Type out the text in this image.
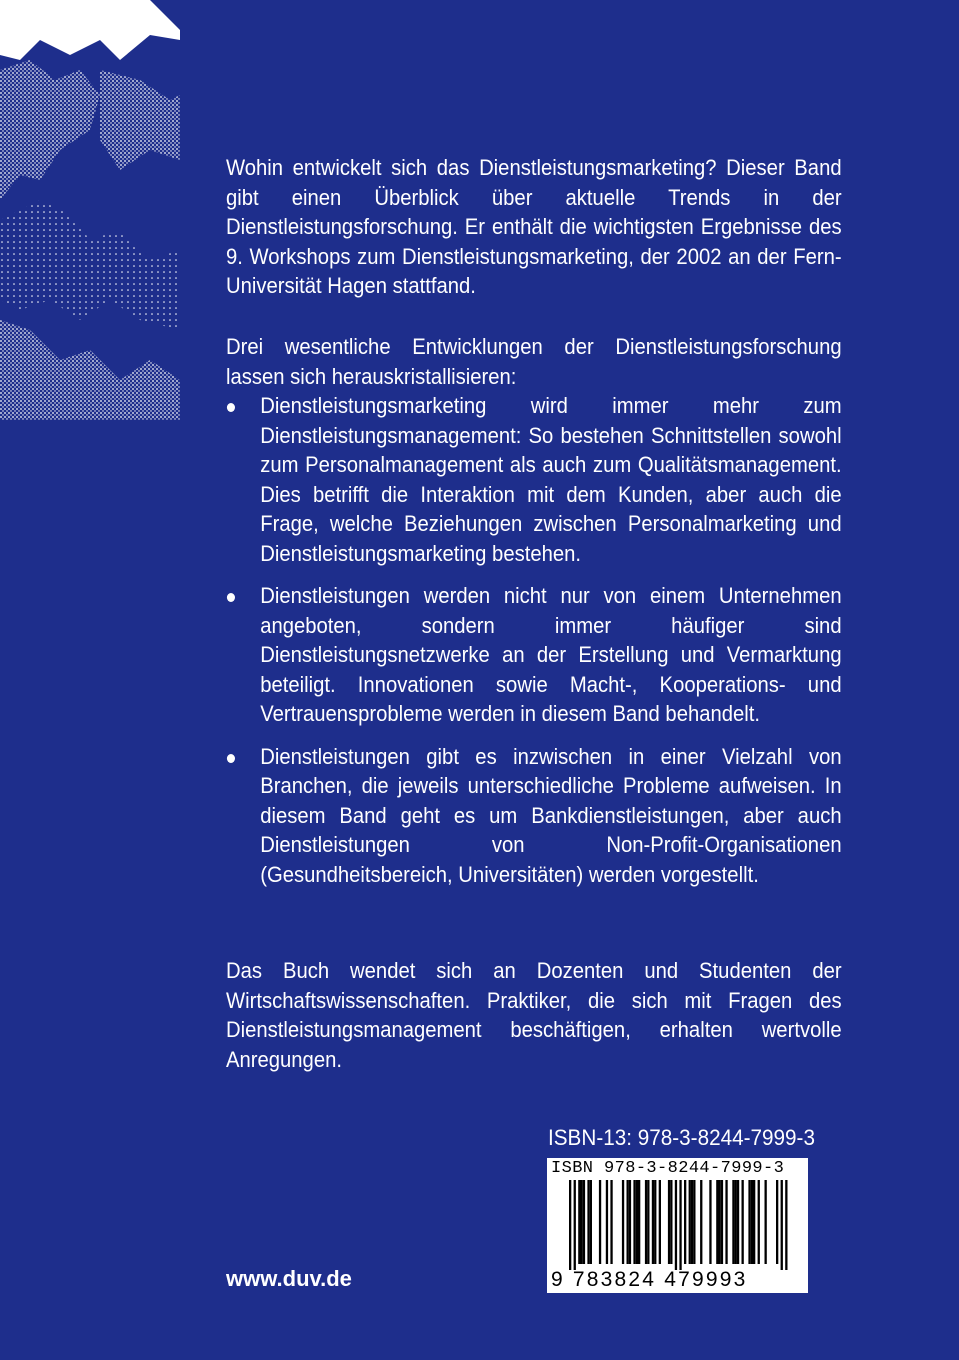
Wohin entwickelt sich das Dienstleistungsmarketing? Dieser Band gibt einen Überblick über aktuelle Trends in der Dienstleistungsforschung. Er enthält die wichtigsten Ergebnisse des 9. Workshops zum Dienstleistungsmarketing, der 2002 an der Fern-Universität Hagen stattfand.
Drei wesentliche Entwicklungen der Dienstleistungsforschung lassen sich herauskristallisieren:
Dienstleistungsmarketing wird immer mehr zum Dienstleistungsmanagement: So bestehen Schnittstellen sowohl zum Personalmanagement als auch zum Qualitätsmanagement. Dies betrifft die Interaktion mit dem Kunden, aber auch die Frage, welche Beziehungen zwischen Personalmarketing und Dienstleistungsmarketing bestehen.
Dienstleistungen werden nicht nur von einem Unternehmen angeboten, sondern immer häufiger sind Dienstleistungsnetzwerke an der Erstellung und Vermarktung beteiligt. Innovationen sowie Macht-, Kooperations- und Vertrauensprobleme werden in diesem Band behandelt.
Dienstleistungen gibt es inzwischen in einer Vielzahl von Branchen, die jeweils unterschiedliche Probleme aufweisen. In diesem Band geht es um Bankdienstleistungen, aber auch Dienstleistungen von Non-Profit-Organisationen (Gesundheitsbereich, Universitäten) werden vorgestellt.
Das Buch wendet sich an Dozenten und Studenten der Wirtschaftswissenschaften. Praktiker, die sich mit Fragen des Dienstleistungsmanagement beschäftigen, erhalten wertvolle Anregungen.
ISBN-13: 978-3-8244-7999-3
ISBN 978-3-8244-7999-3
9 783824 479993
www.duv.de
